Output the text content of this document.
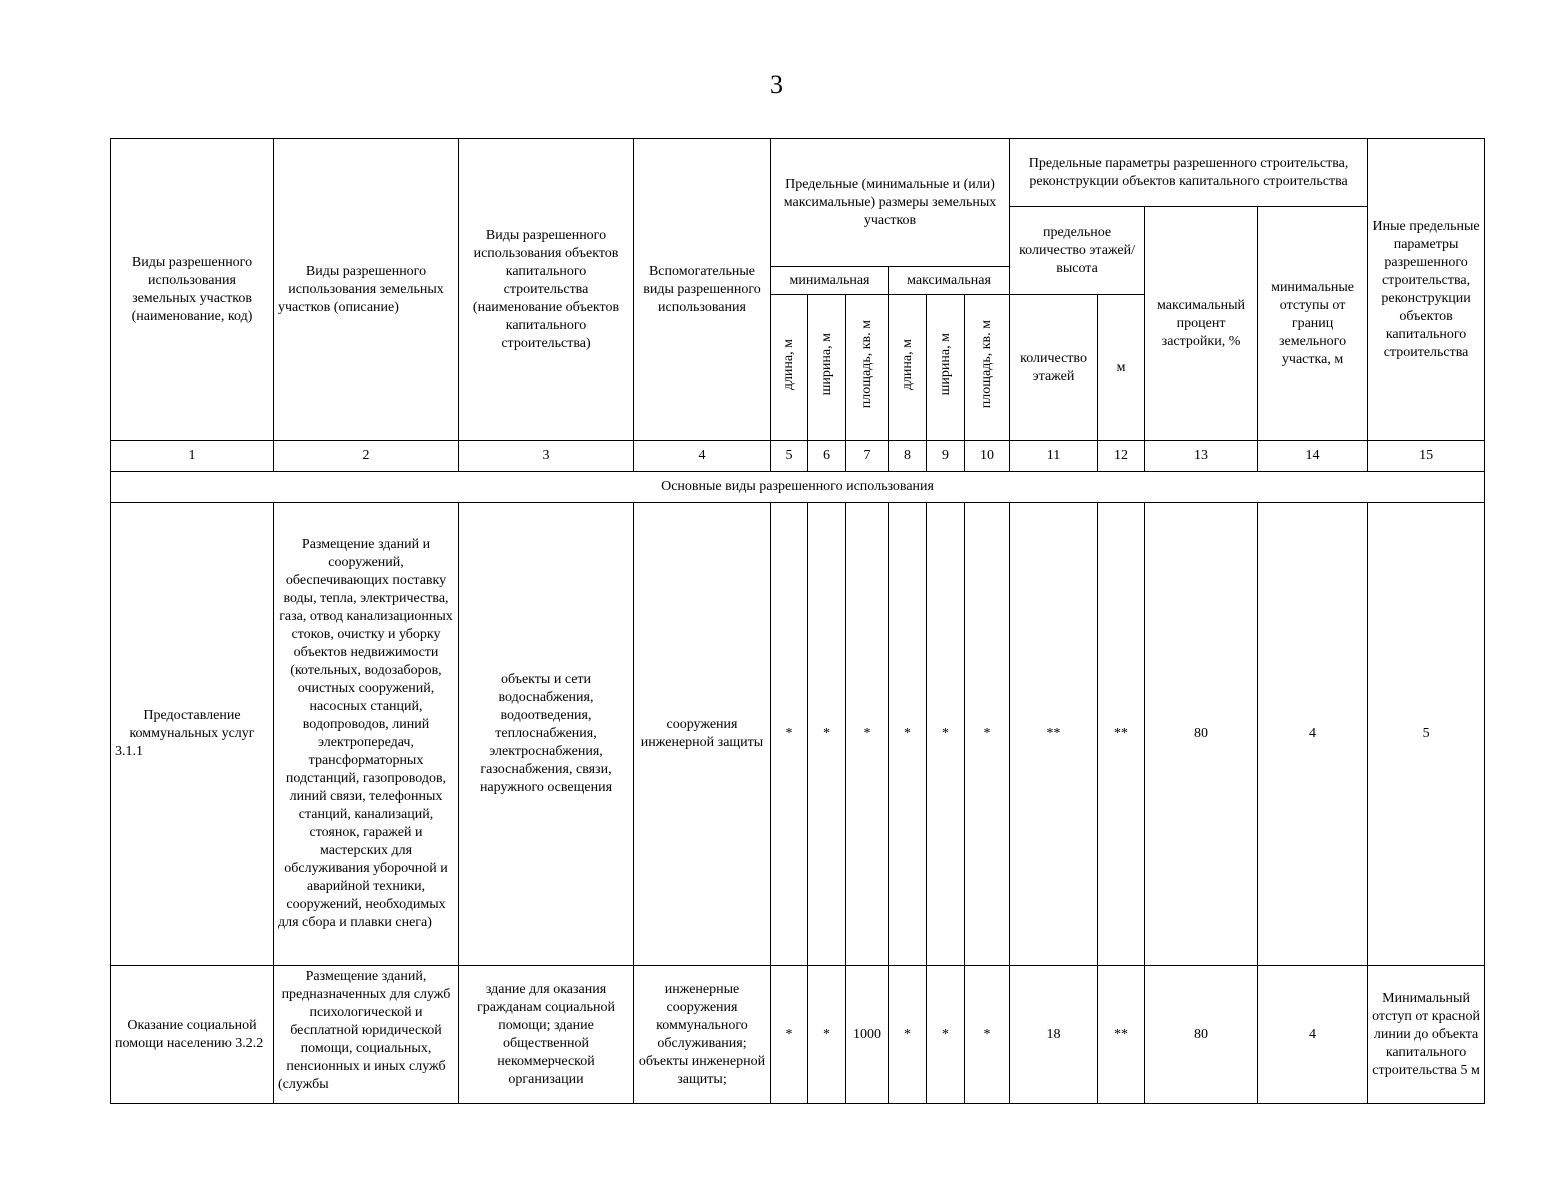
3
Виды разрешенного использования земельных участков (наименование, код)	Виды разрешенного использования земельных участков (описание)	Виды разрешенного использования объектов капитального строительства (наименование объектов капитального строительства)	Вспомогательные виды разрешенного использования	Предельные (минимальные и (или) максимальные) размеры земельных участков						Предельные параметры разрешенного строительства, реконструкции объектов капитального строительства				Иные предельные параметры разрешенного строительства, реконструкции объектов капитального строительства
										предельное количество этажей/высота		максимальный процент застройки, %	минимальные отступы от границ земельного участка, м	
				минимальная			максимальная							
				длина, м	ширина, м	площадь, кв. м	длина, м	ширина, м	площадь, кв. м	количество этажей	м			
1	2	3	4	5	6	7	8	9	10	11	12	13	14	15
Основные виды разрешенного использования														
Предоставление коммунальных услуг 3.1.1	Размещение зданий и сооружений, обеспечивающих поставку воды, тепла, электричества, газа, отвод канализационных стоков, очистку и уборку объектов недвижимости (котельных, водозаборов, очистных сооружений, насосных станций, водопроводов, линий электропередач, трансформаторных подстанций, газопроводов, линий связи, телефонных станций, канализаций, стоянок, гаражей и мастерских для обслуживания уборочной и аварийной техники, сооружений, необходимых для сбора и плавки снега)	объекты и сети водоснабжения, водоотведения, теплоснабжения, электроснабжения, газоснабжения, связи, наружного освещения	сооружения инженерной защиты	*	*	*	*	*	*	**	**	80	4	5
Оказание социальной помощи населению 3.2.2	Размещение зданий, предназначенных для служб психологической и бесплатной юридической помощи, социальных, пенсионных и иных служб (службы	здание для оказания гражданам социальной помощи; здание общественной некоммерческой организации	инженерные сооружения коммунального обслуживания; объекты инженерной защиты;	*	*	1000	*	*	*	18	**	80	4	Минимальный отступ от красной линии до объекта капитального строительства 5 м
